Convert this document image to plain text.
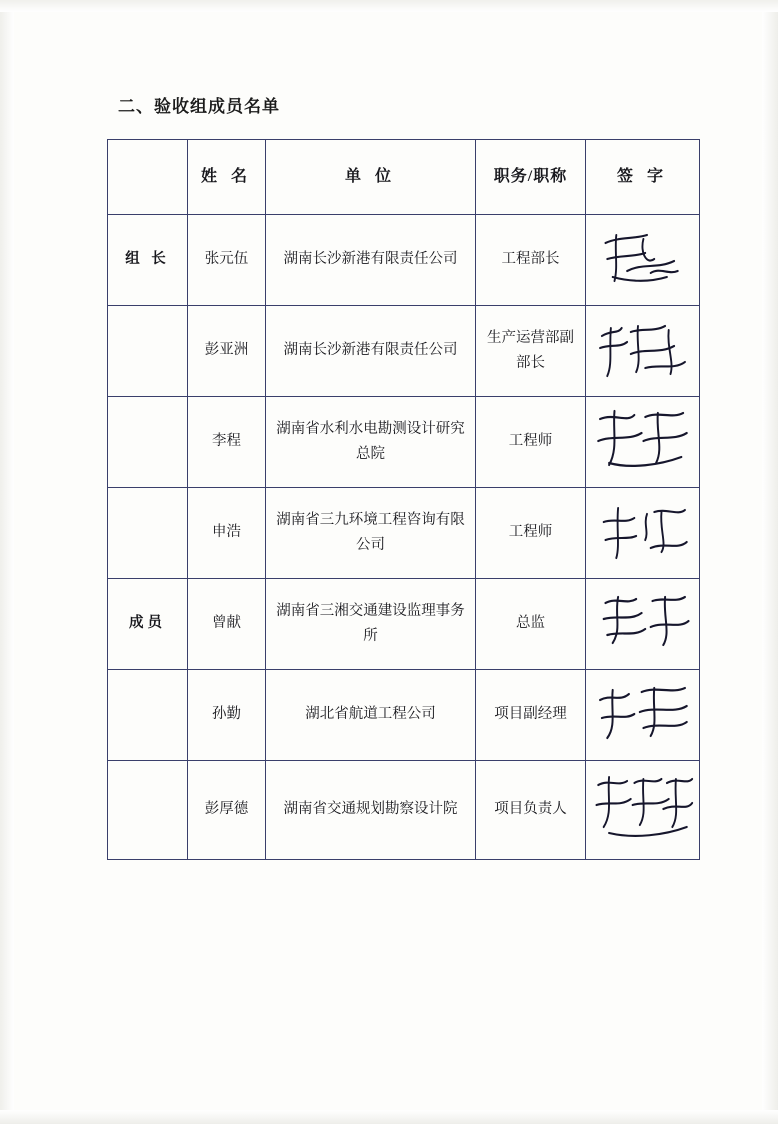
二、验收组成员名单
	姓 名	单 位	职务/职称	签 字
组 长	张元伍	湖南长沙新港有限责任公司	工程部长	

	彭亚洲	湖南长沙新港有限责任公司	生产运营部副部长	

	李程	湖南省水利水电勘测设计研究总院	工程师	

	申浩	湖南省三九环境工程咨询有限公司	工程师	

成员	曾献	湖南省三湘交通建设监理事务所	总监	

	孙勤	湖北省航道工程公司	项目副经理	

	彭厚德	湖南省交通规划勘察设计院	项目负责人	
